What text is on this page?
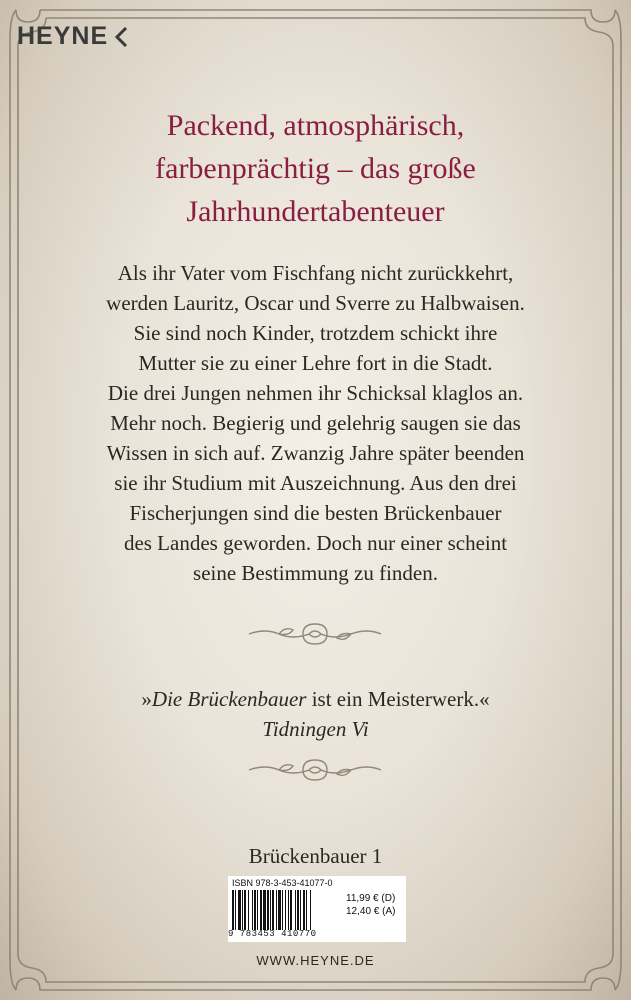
HEYNE
Packend, atmosphärisch,
farbenprächtig – das große
Jahrhundertabenteuer
Als ihr Vater vom Fischfang nicht zurückkehrt,
werden Lauritz, Oscar und Sverre zu Halbwaisen.
Sie sind noch Kinder, trotzdem schickt ihre
Mutter sie zu einer Lehre fort in die Stadt.
Die drei Jungen nehmen ihr Schicksal klaglos an.
Mehr noch. Begierig und gelehrig saugen sie das
Wissen in sich auf. Zwanzig Jahre später beenden
sie ihr Studium mit Auszeichnung. Aus den drei
Fischerjungen sind die besten Brückenbauer
des Landes geworden. Doch nur einer scheint
seine Bestimmung zu finden.
»Die Brückenbauer ist ein Meisterwerk.«
Tidningen Vi
Brückenbauer 1
ISBN 978-3-453-41077-0
9 783453 410770
11,99 € (D)
12,40 € (A)
WWW.HEYNE.DE
